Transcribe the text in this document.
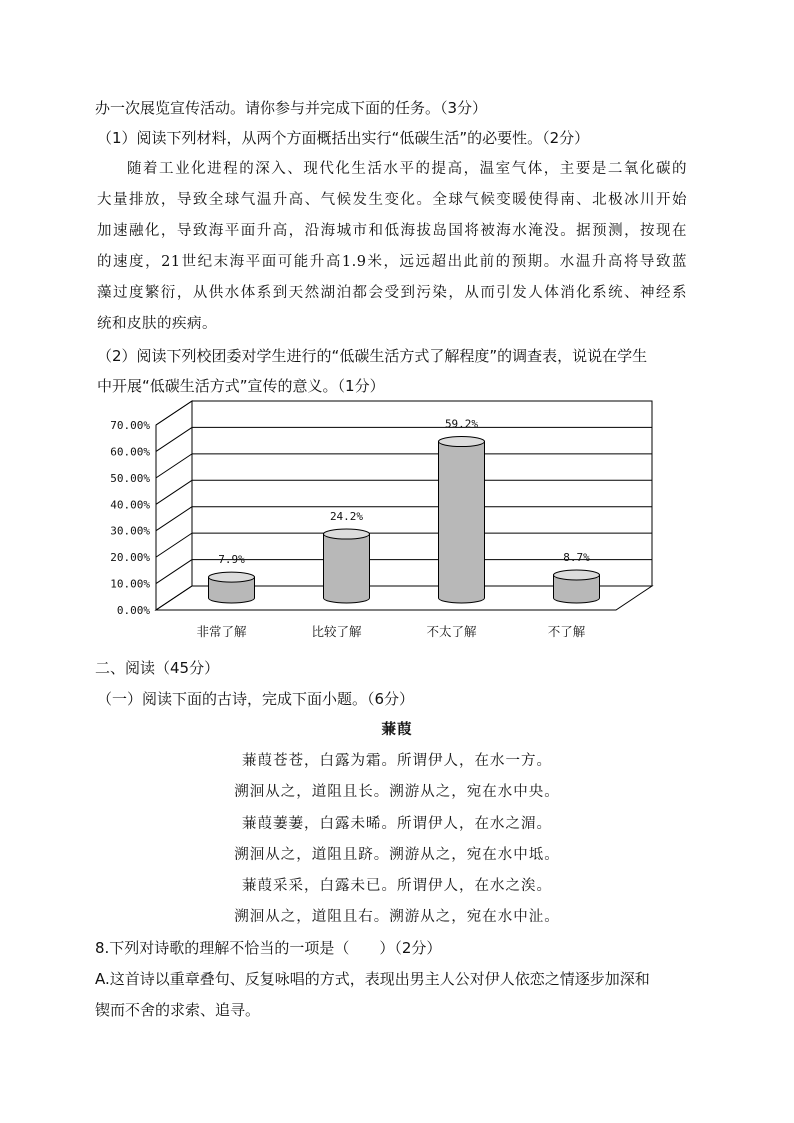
办一次展览宣传活动。请你参与并完成下面的任务。（3分）
（1）阅读下列材料，从两个方面概括出实行“低碳生活”的必要性。（2分）

随着工业化进程的深入、现代化生活水平的提高，温室气体，主要是二氧化碳的

大量排放，导致全球气温升高、气候发生变化。全球气候变暖使得南、北极冰川开始

加速融化，导致海平面升高，沿海城市和低海拔岛国将被海水淹没。据预测，按现在

的速度，21世纪末海平面可能升高1.9米，远远超出此前的预期。水温升高将导致蓝

藻过度繁衍，从供水体系到天然湖泊都会受到污染，从而引发人体消化系统、神经系

统和皮肤的疾病。

（2）阅读下列校团委对学生进行的“低碳生活方式了解程度”的调查表，说说在学生
中开展“低碳生活方式”宣传的意义。（1分）
0.00%
10.00%
20.00%
30.00%
40.00%
50.00%
60.00%
70.00%
7.9%
24.2%
59.2%
8.7%
非常了解	比较了解	不太了解	不了解
二、阅读（45分）
（一）阅读下面的古诗，完成下面小题。（6分）
蒹葭
蒹葭苍苍，白露为霜。所谓伊人，在水一方。
溯洄从之，道阻且长。溯游从之，宛在水中央。
蒹葭萋萋，白露未晞。所谓伊人，在水之湄。
溯洄从之，道阻且跻。溯游从之，宛在水中坻。
蒹葭采采，白露未已。所谓伊人，在水之涘。
溯洄从之，道阻且右。溯游从之，宛在水中沚。
8.下列对诗歌的理解不恰当的一项是（　　）（2分）
A.这首诗以重章叠句、反复咏唱的方式，表现出男主人公对伊人依恋之情逐步加深和
锲而不舍的求索、追寻。
